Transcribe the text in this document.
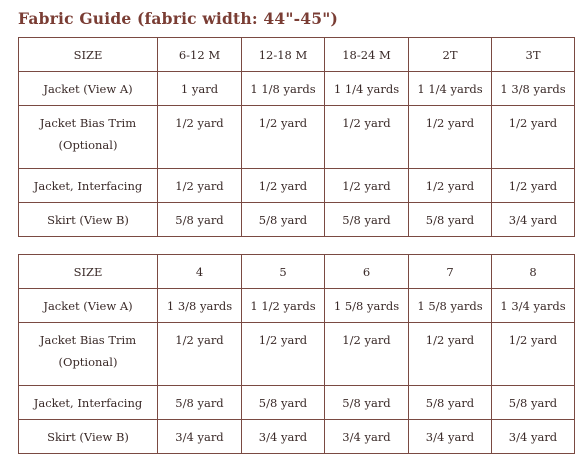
Fabric Guide (fabric width: 44"-45")
SIZE	6-12 M	12-18 M	18-24 M	2T	3T
Jacket (View A)	1 yard	1 1/8 yards	1 1/4 yards	1 1/4 yards	1 3/8 yards
Jacket Bias Trim (Optional)	1/2 yard	1/2 yard	1/2 yard	1/2 yard	1/2 yard
Jacket, Interfacing	1/2 yard	1/2 yard	1/2 yard	1/2 yard	1/2 yard
Skirt (View B)	5/8 yard	5/8 yard	5/8 yard	5/8 yard	3/4 yard
SIZE	4	5	6	7	8
Jacket (View A)	1 3/8 yards	1 1/2 yards	1 5/8 yards	1 5/8 yards	1 3/4 yards
Jacket Bias Trim (Optional)	1/2 yard	1/2 yard	1/2 yard	1/2 yard	1/2 yard
Jacket, Interfacing	5/8 yard	5/8 yard	5/8 yard	5/8 yard	5/8 yard
Skirt (View B)	3/4 yard	3/4 yard	3/4 yard	3/4 yard	3/4 yard
